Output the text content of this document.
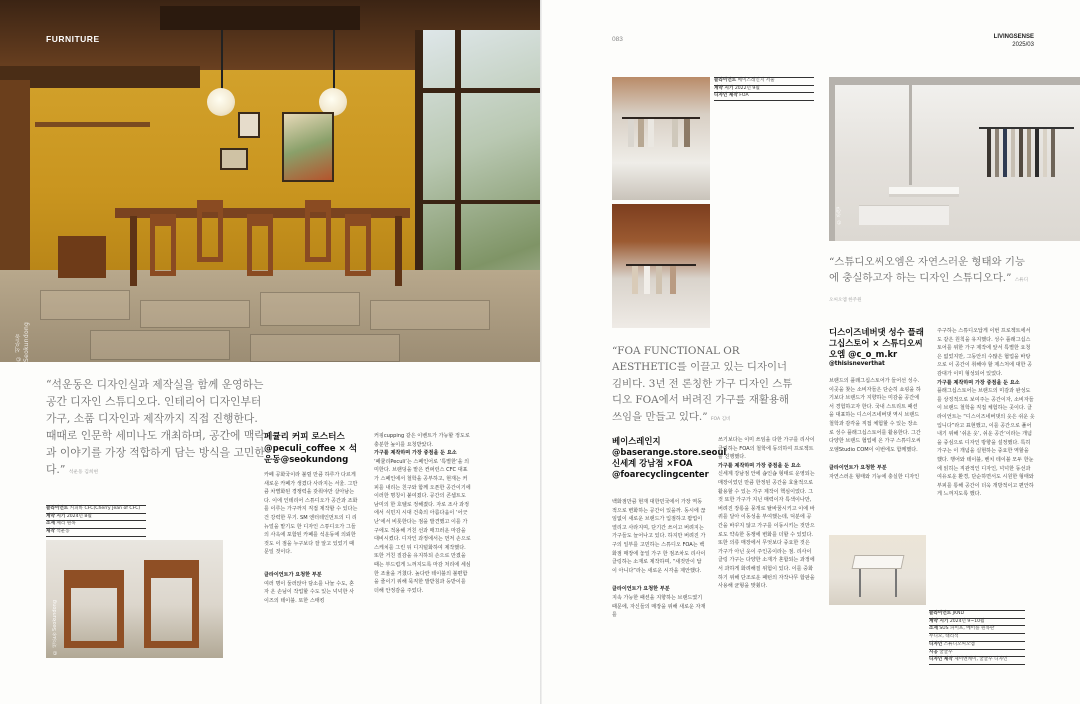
© 석운동 Seokundong
FURNITURE
“석운동은 디자인실과 제작실을 함께 운영하는 공간 디자인 스튜디오다. 인테리어 디자인부터 가구, 소품 디자인과 제작까지 직접 진행한다. 때때로 인문학 세미나도 개최하며, 공간에 맥락과 이야기를 가장 적합하게 담는 방식을 고민한다.” 석운동 김희현
클라이언트 커피바 CFC(Cherry Jean of CFC)
계약 시기 2024년 8월
소재 체리 원목
제작 석운동
© 석운동 Seokundong
페큘리 커피 로스터스@peculi_coffee × 석운동@seokundong

카페 공화국이라 불릴 만큼 하루가 다르게 새로운 카페가 생겼다 사라지는 서울. 그만큼 차별화된 경쟁력을 갖춰야만 살아남는다. 이에 인테리어 스튜디오가 공간과 조화를 이루는 가구까지 직접 제작할 수 있다는 건 강력한 무기. SM 엔터테인먼트의 디 리뉴얼을 맡기도 한 디자인 스튜디오가 그들의 사옥에 포함된 카페를 석운동에 의뢰한 것도 이 점을 누구보다 잘 알고 있었기 때문일 것이다.

클라이언트가 요청한 부분

여러 명이 둘러앉아 담소를 나눌 수도, 혼자 온 손님이 작업할 수도 있는 넉넉한 사이즈의 테이블. 또한 스태킹

커핑cupping 같은 이벤트가 가능할 정도로 충분한 높이를 요청받았다.

가구를 제작하며 가장 중점을 둔 요소

‘페큘리Peculi’는 스페인어로 ‘특별한’을 의미한다. 브랜딩을 맡은 컨퍼런스 CFC 대표가 스페인에서 철학을 공부하고, 현재는 커피를 내리는 친구와 함께 오픈한 공간이기에 이러한 명칭이 붙여졌다. 공간의 콘셉트도 남미의 한 호텔로 정해졌다. 자로 조사 과정에서 식민지 시대 건축의 아름다움이 ‘어긋난’에서 비롯한다는 점을 발견했고 이를 가구에도 적용해 거친 선과 매끄러운 마감을 대비시켰다. 디자인 과정에서는 먼저 손으로 스케치를 그린 뒤 디지털화하여 제작했다. 또한 거친 질감을 유지하되 손으로 만졌을 때는 부드럽게 느껴지도록 마감 처리에 세심한 조율을 거쳤다. 높다란 테이블의 불편함을 줄이기 위해 묵직한 발받침과 등받이를 더해 안정감을 주었다.

083	LIVINGSENSE
2025/03
클라이언트 베이스레인지 서울
계약 시기 2022년 9월
디자인 제작 FOA
© 준앨
“FOA FUNCTIONAL OR AESTHETIC를 이끌고 있는 디자이너 김비다. 3년 전 론칭한 가구 디자인 스튜디오 FOA에서 버려진 가구를 재활용해 쓰임을 만들고 있다.” FOA 김비
“스튜디오씨오엠은 자연스러운 형태와 기능에 충실하고자 하는 디자인 스튜디오다.” 스튜디오씨오엠 한주원
베이스레인지 @baserange.store.seoul 신세계 강남점 ×FOA @foarecyclingcenter

백화점만큼 현재 대한민국에서 가장 역동적으로 변화하는 공간이 있을까. 동시에 끊임없이 새로운 브랜드가 입점하고 팝업이 열리고 사라지며, 단기간 쓰이고 버려지는 가구들도 늘어나고 있다. 하지만 버려진 가구의 일부를 고민하는 스튜디오 FOA는 백화점 매장에 놓일 가구 한 점조차도 리사이클링하는 소재로 제작하며, “새것만이 답이 아니다”라는 새로운 시각을 제안했다.

클라이언트가 요청한 부분

지속 가능한 패션을 지향하는 브랜드였기 때문에, 자신들의 매장을 위해 새로운 자재를

쓰기보다는 이미 쓰임을 다한 가구를 리사이클링하는 FOA의 철학에 동의하여 프로젝트를 진행했다.

가구를 제작하며 가장 중점을 둔 요소

신세계 강남점 안에 숍인숍 형태로 운영되는 매장이었던 만큼 한정된 공간을 효율적으로 활용할 수 있는 가구 제작이 핵심이었다. 그것 또한 가구가 지닌 매력이자 특색이나만, 버려진 장롱을 뭉개로 탈바꿈시키고 이에 바퀴를 달아 이동성을 부여했는데, 덕분에 공간을 바꾸지 않고 가구를 이동시키는 것만으로도 약속한 동쟁에 변화를 더할 수 있었다. 또한 의류 매장에서 무엇보다 중요한 것은 가구가 아닌 옷이 주인공이라는 점. 리사이클링 가구는 다양한 소재가 혼합되는 과정에서 과하게 화려해질 위험이 있다. 이를 중화하기 위해 단조로운 패턴의 자작나무 합판을 사용해 균형을 맞췄다.

디스이즈네버댓 성수 플래그십스토어 × 스튜디오씨오엠 @c_o_m.kr
@thisisneverthat

브랜드의 플래그십스토어가 들어선 성수. 이곳을 찾는 소비자들은 단순히 쇼핑을 하기보다 브랜드가 지향하는 미감을 공간에서 경험하고자 한다. 국내 스트리트 패션을 대표하는 디스이즈네버댓 역시 브랜드 철학과 감각을 직접 체험할 수 있는 장소로 성수 플래그십스토어를 활용한다. 그간 다양한 브랜드 협업에 온 가구 스튜디오씨오엠Studio COM이 이번에도 함께했다.

클라이언트가 요청한 부분

자연스러운 형태와 기능에 충실한 디자인

주구하는 스튜디오답게 이번 프로젝트에서도 같은 원칙을 유지했다. 성수 플래그십스토어를 위한 가구 제작에 앞서 특별한 요청은 없었지만, 그동안의 수많은 협업을 바탕으로 이 공간이 취해야 할 제스처에 대한 공감대가 이미 형성되어 있었다.

가구를 제작하며 가장 중점을 둔 요소

플래그십스토어는 브랜드의 미감과 완성도를 상징적으로 보여주는 공간이자, 소비자들이 브랜드 철학을 직접 체험하는 곳이다. 클라이언트는 “디스이즈네버댓의 옷은 쉬운 옷입니다”라고 표현했고, 이를 공간으로 풀어내기 위해 ‘쉬운 옷’, 쉬운 공간’이라는 개념을 중심으로 디자인 방향을 설정했다. 특히 가구는 이 개념을 실현하는 중요한 역할을 했다. 행어와 테이블, 벤치 테이블 모두 한눈에 읽히는 직관적인 디자인, 넉넉한 동선과 여유로운 환경, 단순하면서도 시원한 형태와 부피를 통해 공간이 더욱 개방적이고 편안하게 느껴지도록 했다.

클라이언트 JKND
계약 시기 2024년 9~10월
소재 SUS 파이프, 메이플 원목판
무니모, 대리석
디자인 스튜디오씨오엠
시공 굴굴우
디자인 제작 제이엔케이, 굴굴우 디자인
